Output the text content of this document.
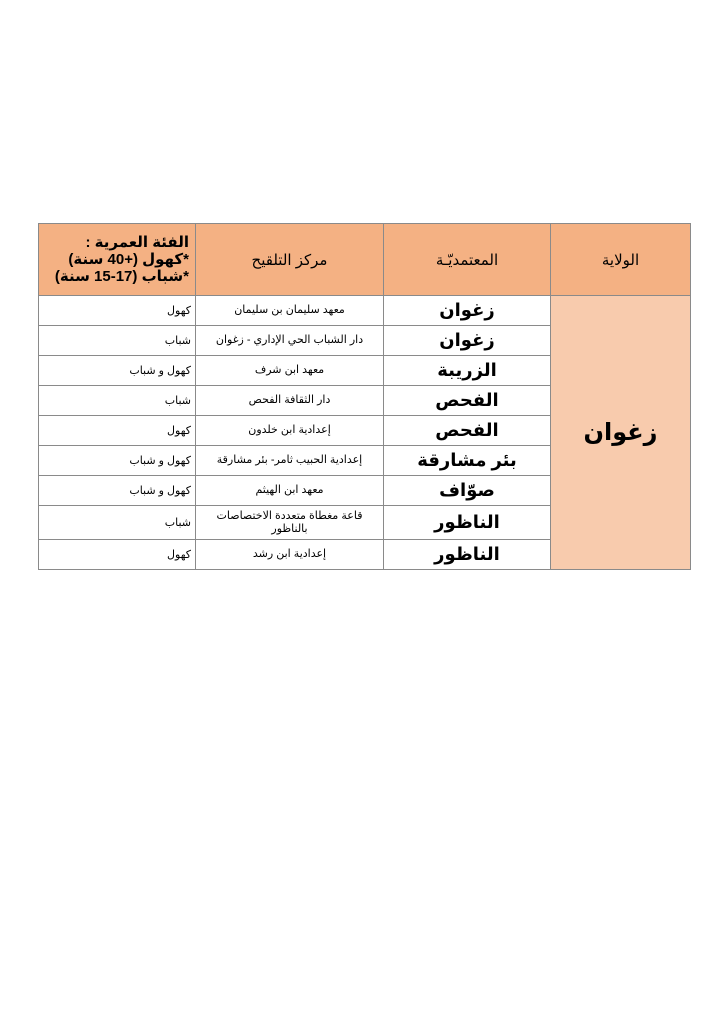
الولاية	المعتمديّـة	مركز التلقيح	الفئة العمرية :
*كهول (+40 سنة)
*شباب (17-15 سنة)

زغوان	زغوان	معهد سليمان بن سليمان	كهول
	زغوان	دار الشباب الحي الإداري - زغوان	شباب
	الزريبة	معهد ابن شرف	كهول و شباب
	الفحص	دار الثقافة الفحص	شباب
	الفحص	إعدادية ابن خلدون	كهول
	بئر مشارقة	إعدادية الحبيب ثامر- بئر مشارقة	كهول و شباب
	صوّاف	معهد ابن الهيثم	كهول و شباب
	الناظور	قاعة مغطاة متعددة الاختصاصات بالناظور	شباب
	الناظور	إعدادية ابن رشد	كهول
